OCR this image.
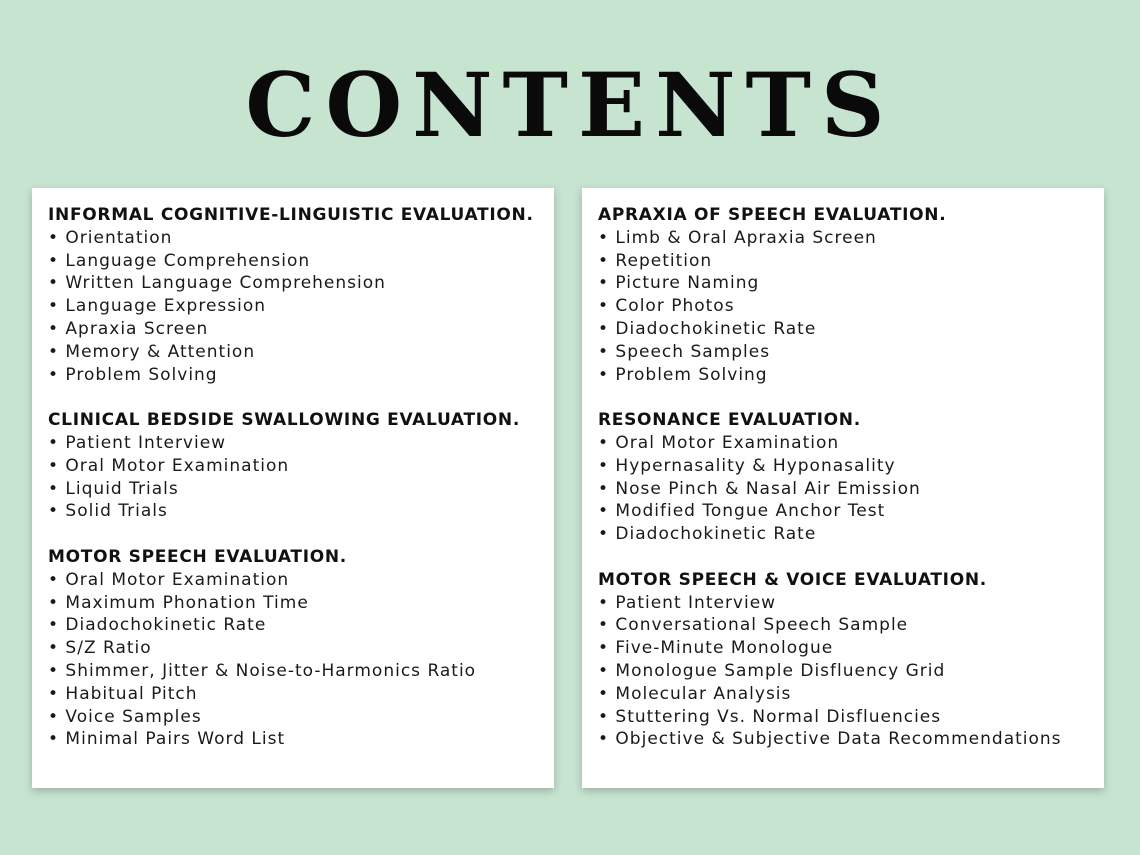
CONTENTS
INFORMAL COGNITIVE-LINGUISTIC EVALUATION.
• Orientation
• Language Comprehension
• Written Language Comprehension
• Language Expression
• Apraxia Screen
• Memory & Attention
• Problem Solving
CLINICAL BEDSIDE SWALLOWING EVALUATION.
• Patient Interview
• Oral Motor Examination
• Liquid Trials
• Solid Trials
MOTOR SPEECH EVALUATION.
• Oral Motor Examination
• Maximum Phonation Time
• Diadochokinetic Rate
• S/Z Ratio
• Shimmer, Jitter & Noise-to-Harmonics Ratio
• Habitual Pitch
• Voice Samples
• Minimal Pairs Word List
APRAXIA OF SPEECH EVALUATION.
• Limb & Oral Apraxia Screen
• Repetition
• Picture Naming
• Color Photos
• Diadochokinetic Rate
• Speech Samples
• Problem Solving
RESONANCE EVALUATION.
• Oral Motor Examination
• Hypernasality & Hyponasality
• Nose Pinch & Nasal Air Emission
• Modified Tongue Anchor Test
• Diadochokinetic Rate
MOTOR SPEECH & VOICE EVALUATION.
• Patient Interview
• Conversational Speech Sample
• Five-Minute Monologue
• Monologue Sample Disfluency Grid
• Molecular Analysis
• Stuttering Vs. Normal Disfluencies
• Objective & Subjective Data Recommendations
